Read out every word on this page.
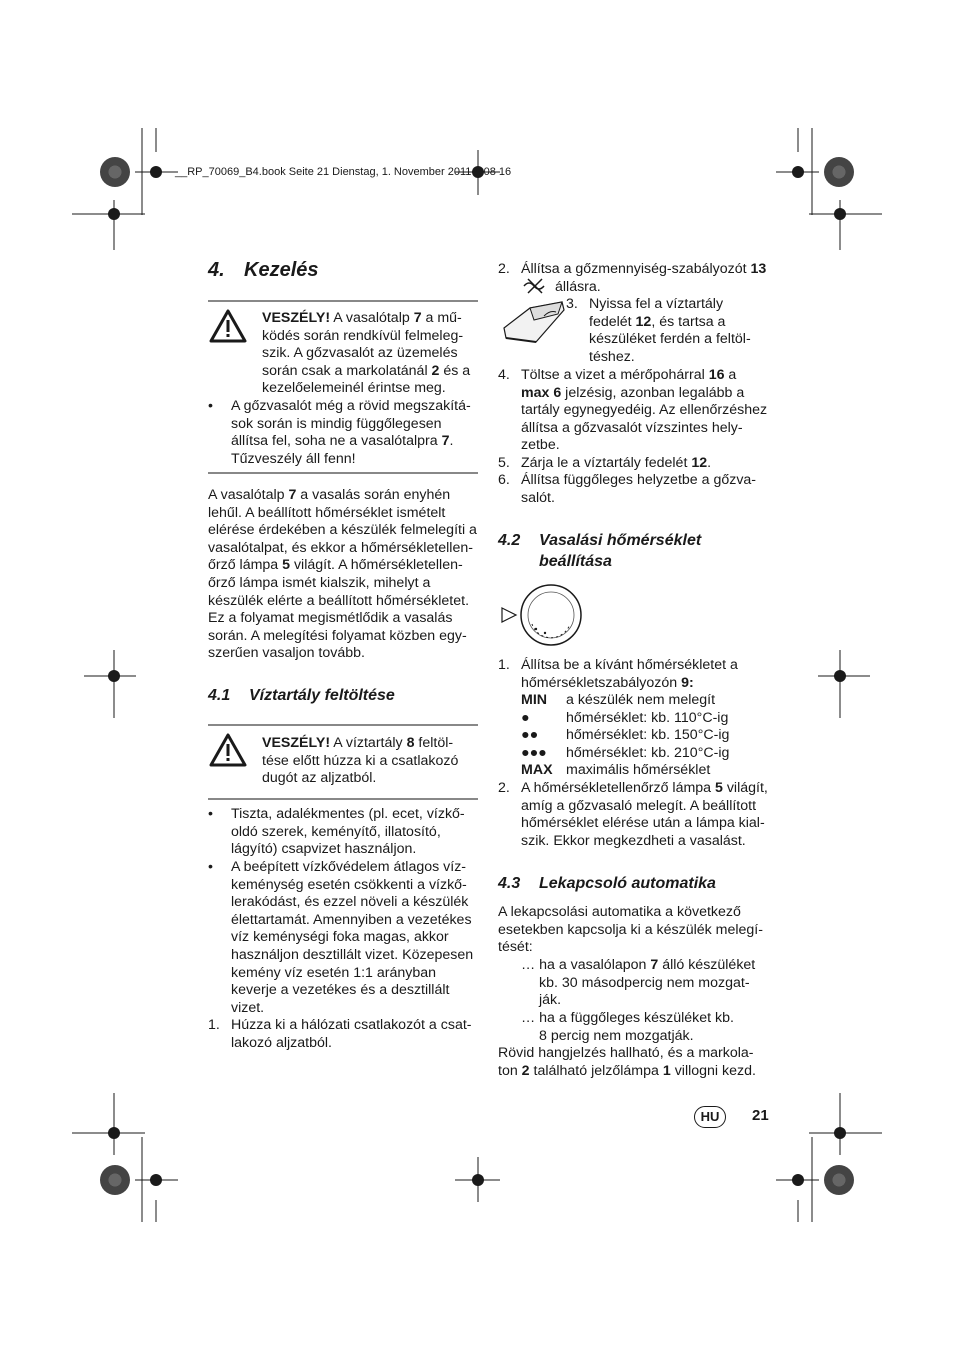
__RP_70069_B4.book Seite 21 Dienstag, 1. November 2011 4:08 16
4. Kezelés
VESZÉLY! A vasalótalp 7 a mű-
ködés során rendkívül felmeleg-
szik. A gőzvasalót az üzemelés
során csak a markolatánál 2 és a
kezelőelemeinél érintse meg.
• A gőzvasalót még a rövid megszakítá-
sok során is mindig függőlegesen
állítsa fel, soha ne a vasalótalpra 7.
Tűzveszély áll fenn!
A vasalótalp 7 a vasalás során enyhén
lehűl. A beállított hőmérséklet ismételt
elérése érdekében a készülék felmelegíti a
vasalótalpat, és ekkor a hőmérsékletellen-
őrző lámpa 5 világít. A hőmérsékletellen-
őrző lámpa ismét kialszik, mihelyt a
készülék elérte a beállított hőmérsékletet.
Ez a folyamat megismétlődik a vasalás
során. A melegítési folyamat közben egy-
szerűen vasaljon tovább.
4.1 Víztartály feltöltése
VESZÉLY! A víztartály 8 feltöl-
tése előtt húzza ki a csatlakozó
dugót az aljzatból.
• Tiszta, adalékmentes (pl. ecet, vízkő-
oldó szerek, keményítő, illatosító,
lágyító) csapvizet használjon.
• A beépített vízkővédelem átlagos víz-
keménység esetén csökkenti a vízkő-
lerakódást, és ezzel növeli a készülék
élettartamát. Amennyiben a vezetékes
víz keménységi foka magas, akkor
használjon desztillált vizet. Közepesen
kemény víz esetén 1:1 arányban
keverje a vezetékes és a desztillált
vizet.
1. Húzza ki a hálózati csatlakozót a csat-
lakozó aljzatból.
2. Állítsa a gőzmennyiség-szabályozót 13
állásra.
3. Nyissa fel a víztartály
fedelét 12, és tartsa a
készüléket ferdén a feltöl-
téshez.
4. Töltse a vizet a mérőpohárral 16 a
max 6 jelzésig, azonban legalább a
tartály egynegyedéig. Az ellenőrzéshez
állítsa a gőzvasalót vízszintes hely-
zetbe.
5. Zárja le a víztartály fedelét 12.
6. Állítsa függőleges helyzetbe a gőzva-
salót.
4.2 Vasalási hőmérséklet
beállítása
1. Állítsa be a kívánt hőmérsékletet a
hőmérsékletszabályozón 9:
MIN a készülék nem melegít
●	hőmérséklet: kb. 110°C-ig
●● hőmérséklet: kb. 150°C-ig
●●● hőmérséklet: kb. 210°C-ig
MAX maximális hőmérséklet
2. A hőmérsékletellenőrző lámpa 5 világít,
amíg a gőzvasaló melegít. A beállított
hőmérséklet elérése után a lámpa kial-
szik. Ekkor megkezdheti a vasalást.
4.3 Lekapcsoló automatika
A lekapcsolási automatika a következő
esetekben kapcsolja ki a készülék melegí-
tését:
… ha a vasalólapon 7 álló készüléket
kb. 30 másodpercig nem mozgat-
ják.
… ha a függőleges készüléket kb.
8 percig nem mozgatják.
Rövid hangjelzés hallható, és a markola-
ton 2 található jelzőlámpa 1 villogni kezd.
HU	21
